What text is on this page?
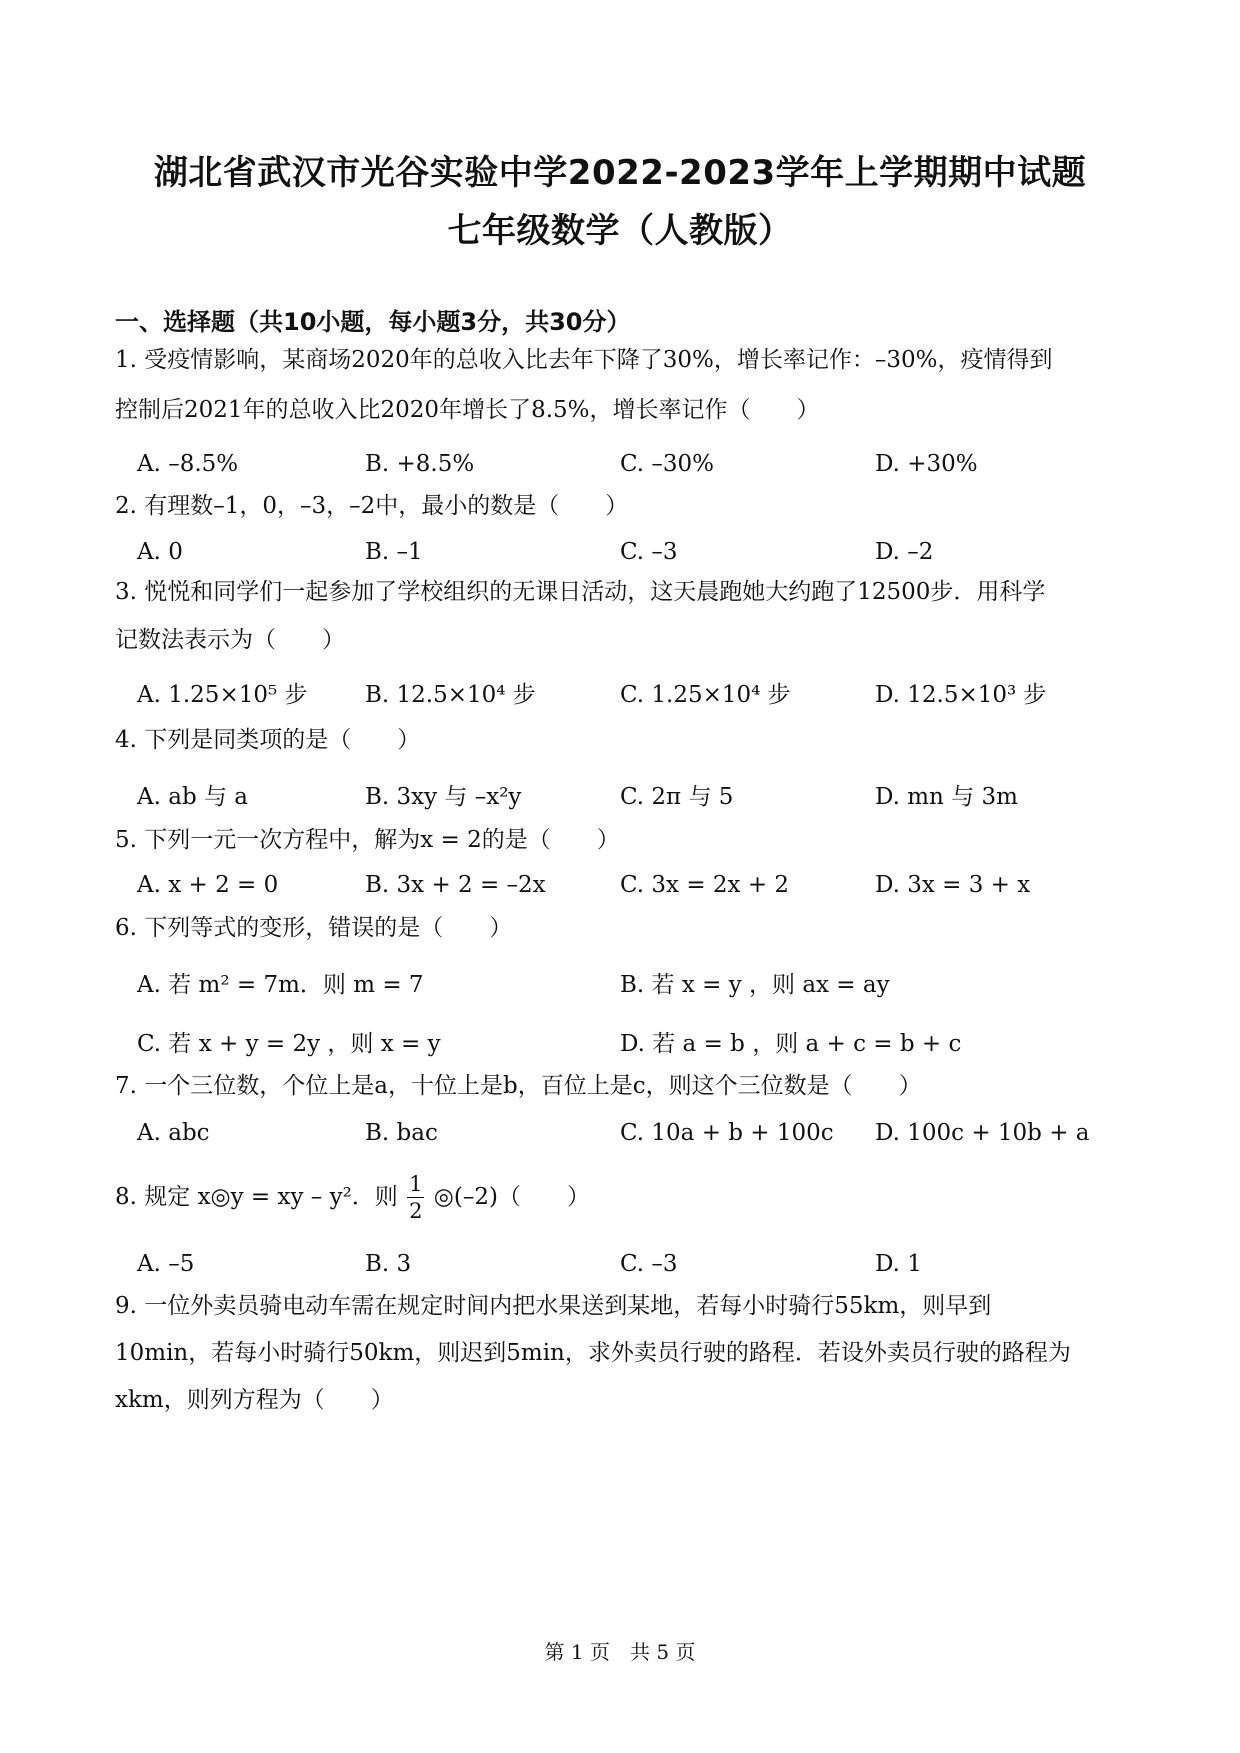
湖北省武汉市光谷实验中学2022-2023学年上学期期中试题
七年级数学（人教版）
一、选择题（共10小题，每小题3分，共30分）
1. 受疫情影响，某商场2020年的总收入比去年下降了30%，增长率记作：–30%，疫情得到
控制后2021年的总收入比2020年增长了8.5%，增长率记作（　　）
A. –8.5%	B. +8.5%	C. –30%	D. +30%
2. 有理数–1，0，–3，–2中，最小的数是（　　）
A. 0	B. –1	C. –3	D. –2
3. 悦悦和同学们一起参加了学校组织的无课日活动，这天晨跑她大约跑了12500步．用科学
记数法表示为（　　）
A. 1.25×10⁵ 步 B. 12.5×10⁴ 步	C. 1.25×10⁴ 步	D. 12.5×10³ 步
4. 下列是同类项的是（　　）
A. ab 与 a	B. 3xy 与 –x²y	C. 2π 与 5	D. mn 与 3m
5. 下列一元一次方程中，解为x = 2的是（　　）
A. x + 2 = 0	B. 3x + 2 = –2x	C. 3x = 2x + 2	D. 3x = 3 + x
6. 下列等式的变形，错误的是（　　）
A. 若 m² = 7m．则 m = 7	B. 若 x = y ，则 ax = ay
C. 若 x + y = 2y ，则 x = y	D. 若 a = b ，则 a + c = b + c
7. 一个三位数，个位上是a，十位上是b，百位上是c，则这个三位数是（　　）
A. abc	B. bac	C. 10a + b + 100c D. 100c + 10b + a
8. 规定 x◎y = xy – y²．则 $\frac{1}{2}$ ◎(–2)（　　）
A. –5	B. 3	C. –3	D. 1
9. 一位外卖员骑电动车需在规定时间内把水果送到某地，若每小时骑行55km，则早到
10min，若每小时骑行50km，则迟到5min，求外卖员行驶的路程．若设外卖员行驶的路程为
xkm，则列方程为（　　）
第 1 页　共 5 页
